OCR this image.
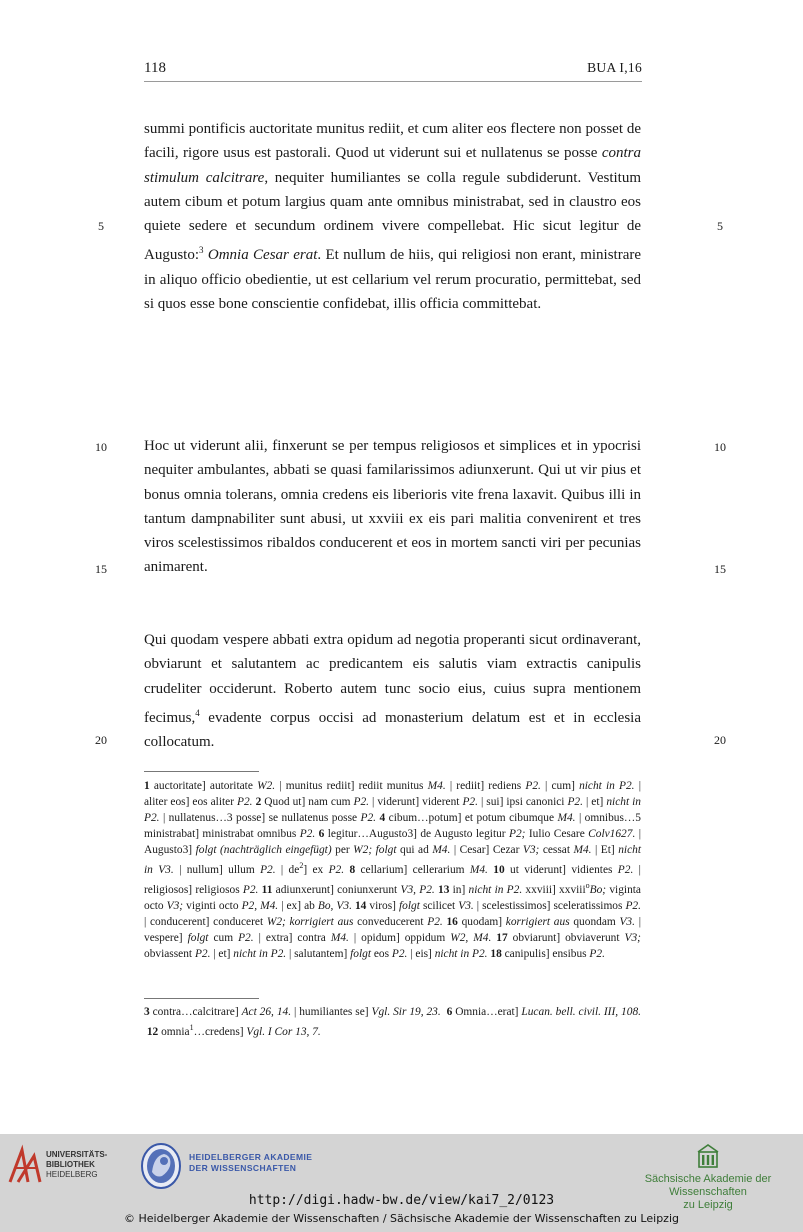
118	BUA I,16

summi pontificis auctoritate munitus rediit, et cum aliter eos flectere non posset de facili, rigore usus est pastorali. Quod ut viderunt sui et nullatenus se posse contra stimulum calcitrare, nequiter humiliantes se colla regule subdiderunt. Vestitum autem cibum et potum largius quam ante omnibus ministrabat, sed in claustro eos quiete sedere et secundum ordinem vivere compellebat. Hic sicut legitur de Augusto:$^3$ Omnia Cesar erat. Et nullum de hiis, qui religiosi non erant, ministrare in aliquo officio obedientie, ut est cellarium vel rerum procuratio, permittebat, sed si quos esse bone conscientie confidebat, illis officia committebat.

Hoc ut viderunt alii, finxerunt se per tempus religiosos et simplices et in ypocrisi nequiter ambulantes, abbati se quasi familarissimos adiunxerunt. Qui ut vir pius et bonus omnia tolerans, omnia credens eis liberioris vite frena laxavit. Quibus illi in tantum dampnabiliter sunt abusi, ut xxviii ex eis pari malitia convenirent et tres viros scelestissimos ribaldos conducerent et eos in mortem sancti viri per pecunias animarent.

Qui quodam vespere abbati extra opidum ad negotia properanti sicut ordinaverant, obviarunt et salutantem ac predicantem eis salutis viam extractis canipulis crudeliter occiderunt. Roberto autem tunc socio eius, cuius supra mentionem fecimus,$^4$ evadente corpus occisi ad monasterium delatum est et in ecclesia collocatum.

5	5
10	10
15	15
20	20

1 auctoritate] autoritate W2. | munitus rediit] rediit munitus M4. | rediit] rediens P2. | cum] nicht in P2. | aliter eos] eos aliter P2. 2 Quod ut] nam cum P2. | viderunt] viderent P2. | sui] ipsi canonici P2. | et] nicht in P2. | nullatenus…3 posse] se nullatenus posse P2. 4 cibum…potum] et potum cibumque M4. | omnibus…5 ministrabat] ministrabat omnibus P2. 6 legitur…Augusto3] de Augusto legitur P2; Iulio Cesare Colv1627. | Augusto3] folgt (nachträglich eingefügt) per W2; folgt qui ad M4. | Cesar] Cezar V3; cessat M4. | Et] nicht in V3. | nullum] ullum P2. | $de^2$] ex P2. 8 cellarium] cellerarium M4. 10 ut viderunt] vidientes P2. | religiosos] religiosos P2. 11 adiunxerunt] coniunxerunt V3, P2. 13 in] nicht in P2. xxviii] xxviii$^o$Bo; viginta octo V3; viginti octo P2, M4. | ex] ab Bo, V3. 14 viros] folgt scilicet V3. | scelestissimos] sceleratissimos P2. | conducerent] conduceret W2; korrigiert aus conveducerent P2. 16 quodam] korrigiert aus quondam V3. | vespere] folgt cum P2. | extra] contra M4. | opidum] oppidum W2, M4. 17 obviarunt] obviaverunt V3; obviassent P2. | et] nicht in P2. | salutantem] folgt eos P2. | eis] nicht in P2. 18 canipulis] ensibus P2.

3 contra…calcitrare] Act 26, 14. | humiliantes se] Vgl. Sir 19, 23. 6 Omnia…erat] Lucan. bell. civil. III, 108.  12 omnia$^1$…credens] Vgl. I Cor 13, 7.

UNIVERSITÄTS-
BIBLIOTHEK
HEIDELBERG
HEIDELBERGER AKADEMIE
DER WISSENSCHAFTEN
Sächsische Akademie der Wissenschaften
zu Leipzig
http://digi.hadw-bw.de/view/kai7_2/0123
© Heidelberger Akademie der Wissenschaften / Sächsische Akademie der Wissenschaften zu Leipzig
